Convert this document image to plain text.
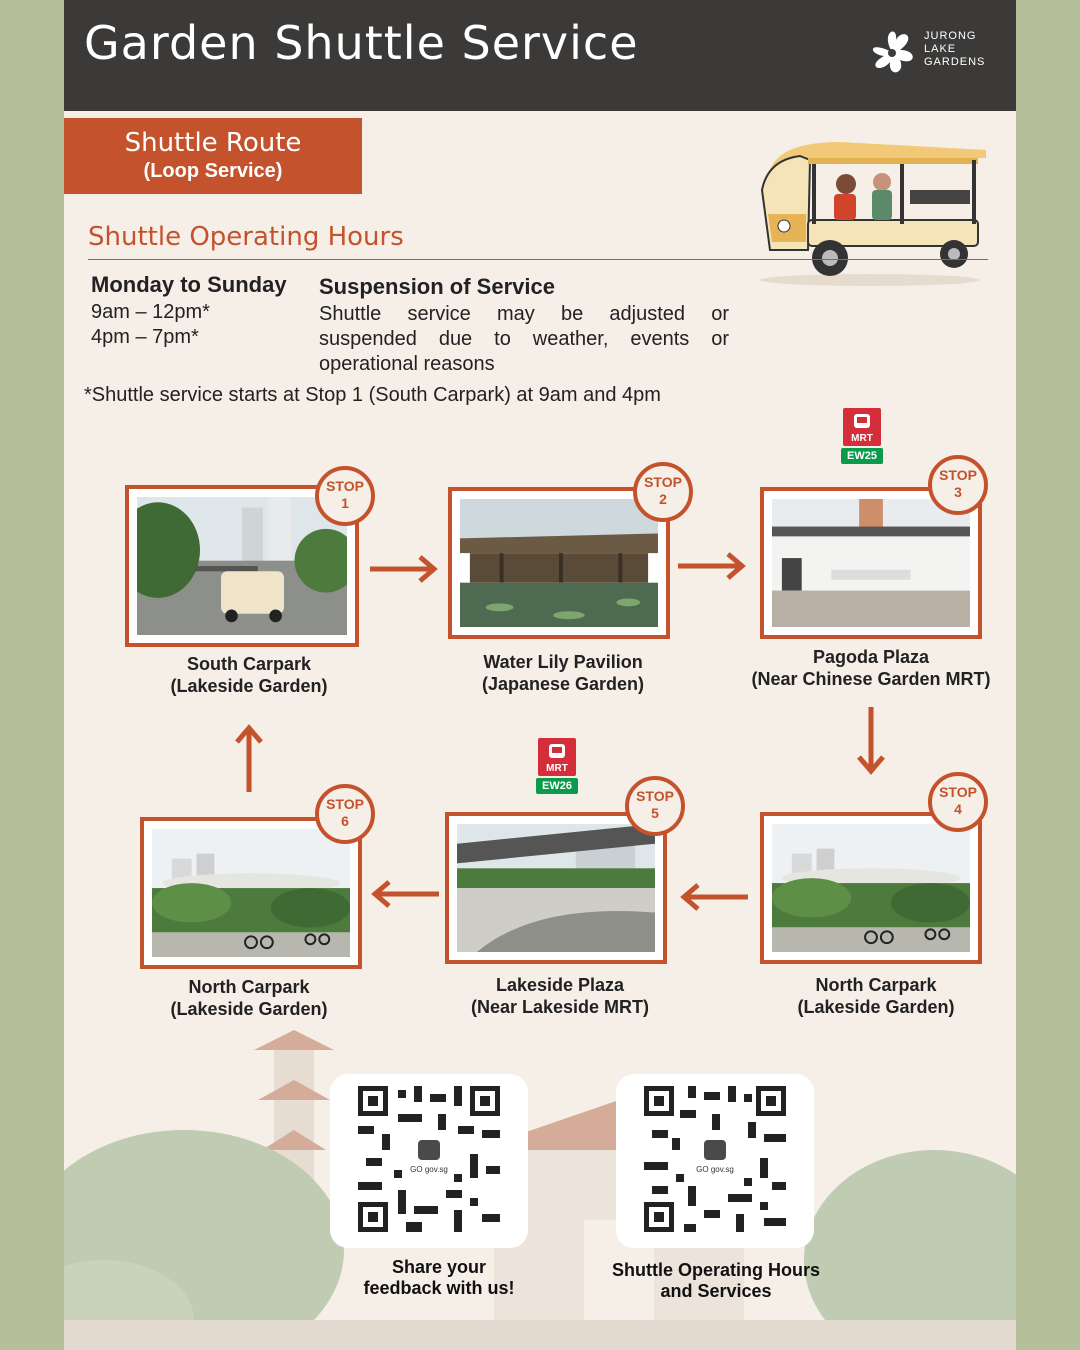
Garden Shuttle Service	JURONG
LAKE
GARDENS
Shuttle Route
(Loop Service)
Shuttle Operating Hours
Monday to Sunday
9am – 12pm*
4pm – 7pm*
Suspension of Service
Shuttle service may be adjusted or suspended due to weather, events or operational reasons
*Shuttle service starts at Stop 1 (South Carpark) at 9am and 4pm
MRT
EW25
MRT
EW26
STOP
1
South Carpark
(Lakeside Garden)
STOP
2
Water Lily Pavilion
(Japanese Garden)
STOP
3
Pagoda Plaza
(Near Chinese Garden MRT)
STOP
4
North Carpark
(Lakeside Garden)
STOP
5
Lakeside Plaza
(Near Lakeside MRT)
STOP
6
North Carpark
(Lakeside Garden)
GO gov.sg
Share your
feedback with us!
GO gov.sg
Shuttle Operating Hours
and Services
